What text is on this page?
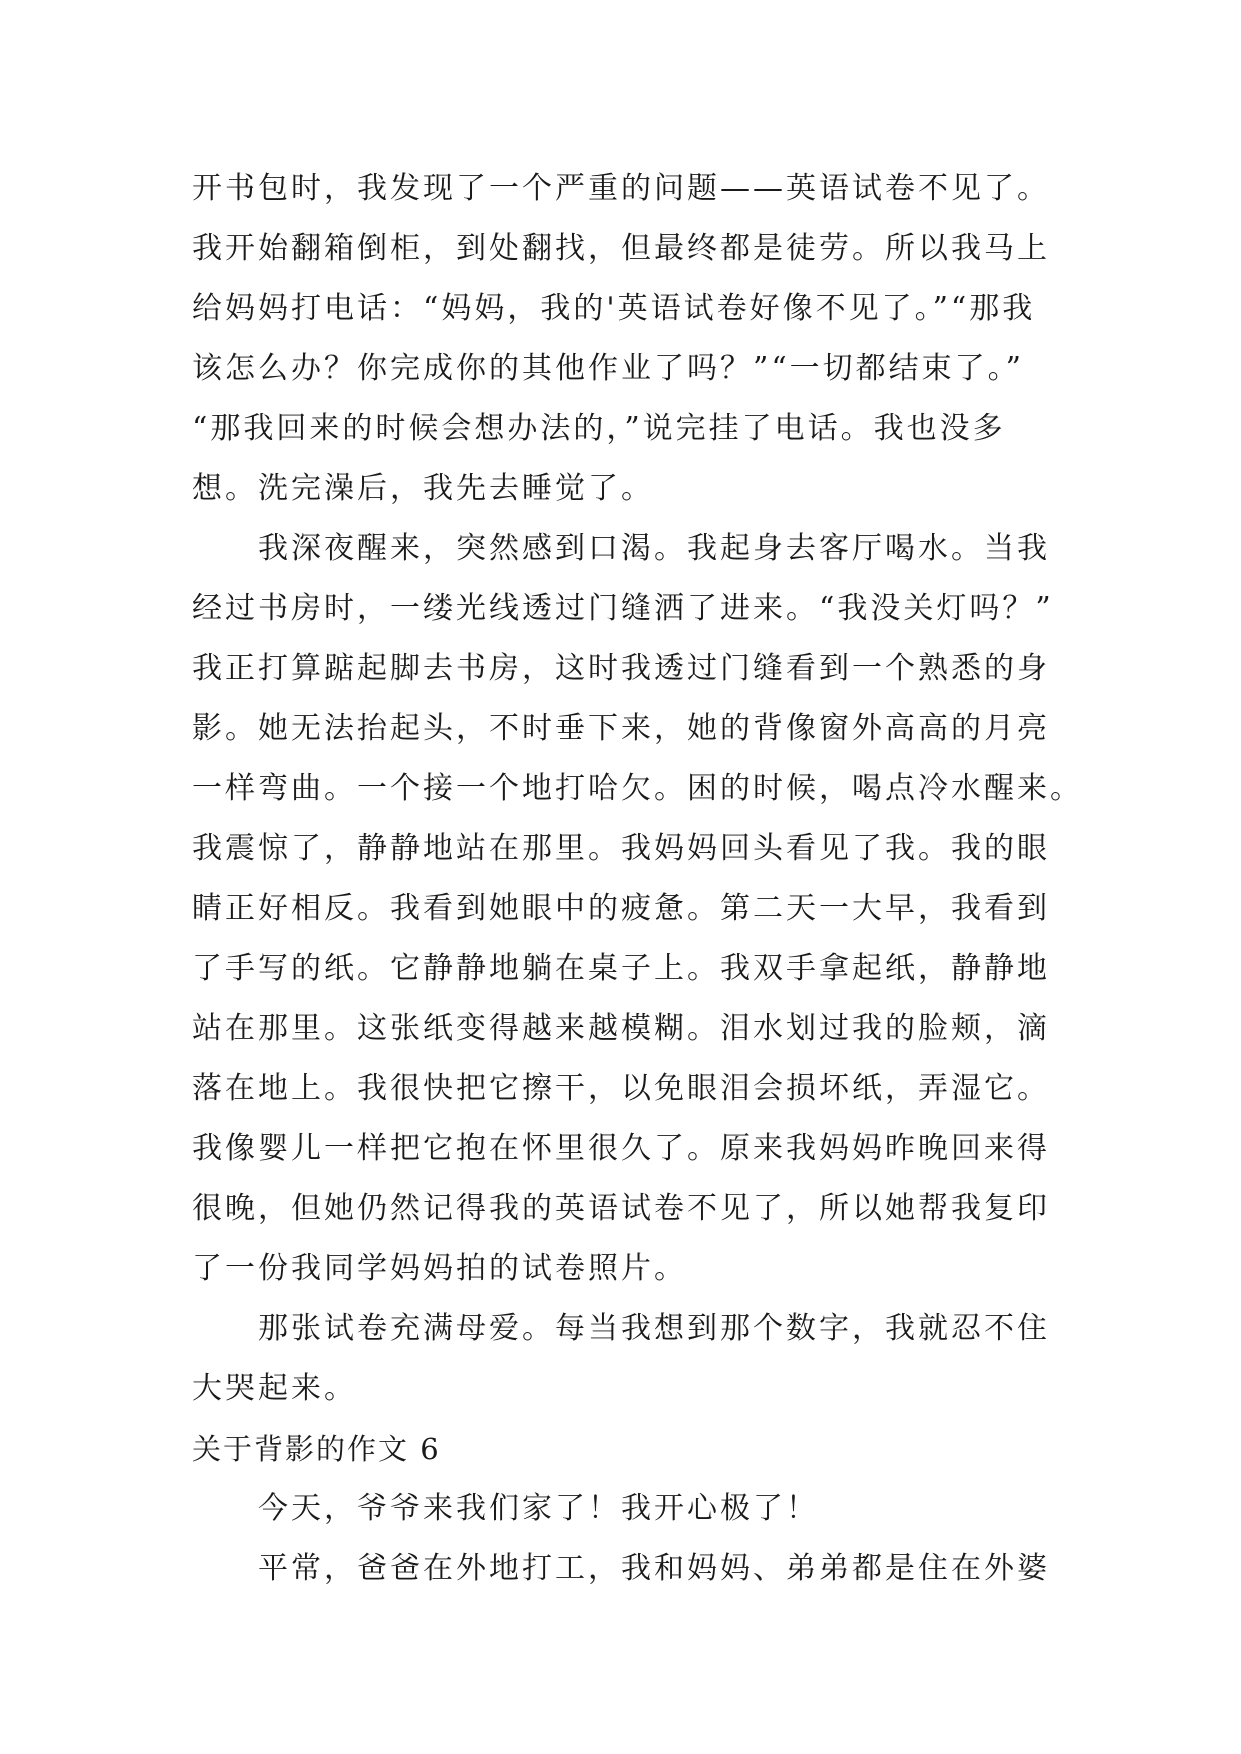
开书包时，我发现了一个严重的问题——英语试卷不见了。
我开始翻箱倒柜，到处翻找，但最终都是徒劳。所以我马上
给妈妈打电话：“妈妈，我的'英语试卷好像不见了。”“那我
该怎么办？你完成你的其他作业了吗？”“一切都结束了。”
“那我回来的时候会想办法的，”说完挂了电话。我也没多
想。洗完澡后，我先去睡觉了。
　　我深夜醒来，突然感到口渴。我起身去客厅喝水。当我
经过书房时，一缕光线透过门缝洒了进来。“我没关灯吗？”
我正打算踮起脚去书房，这时我透过门缝看到一个熟悉的身
影。她无法抬起头，不时垂下来，她的背像窗外高高的月亮
一样弯曲。一个接一个地打哈欠。困的时候，喝点冷水醒来。
我震惊了，静静地站在那里。我妈妈回头看见了我。我的眼
睛正好相反。我看到她眼中的疲惫。第二天一大早，我看到
了手写的纸。它静静地躺在桌子上。我双手拿起纸，静静地
站在那里。这张纸变得越来越模糊。泪水划过我的脸颊，滴
落在地上。我很快把它擦干，以免眼泪会损坏纸，弄湿它。
我像婴儿一样把它抱在怀里很久了。原来我妈妈昨晚回来得
很晚，但她仍然记得我的英语试卷不见了，所以她帮我复印
了一份我同学妈妈拍的试卷照片。
　　那张试卷充满母爱。每当我想到那个数字，我就忍不住
大哭起来。
关于背影的作文 6
　　今天，爷爷来我们家了！我开心极了！
　　平常，爸爸在外地打工，我和妈妈、弟弟都是住在外婆
